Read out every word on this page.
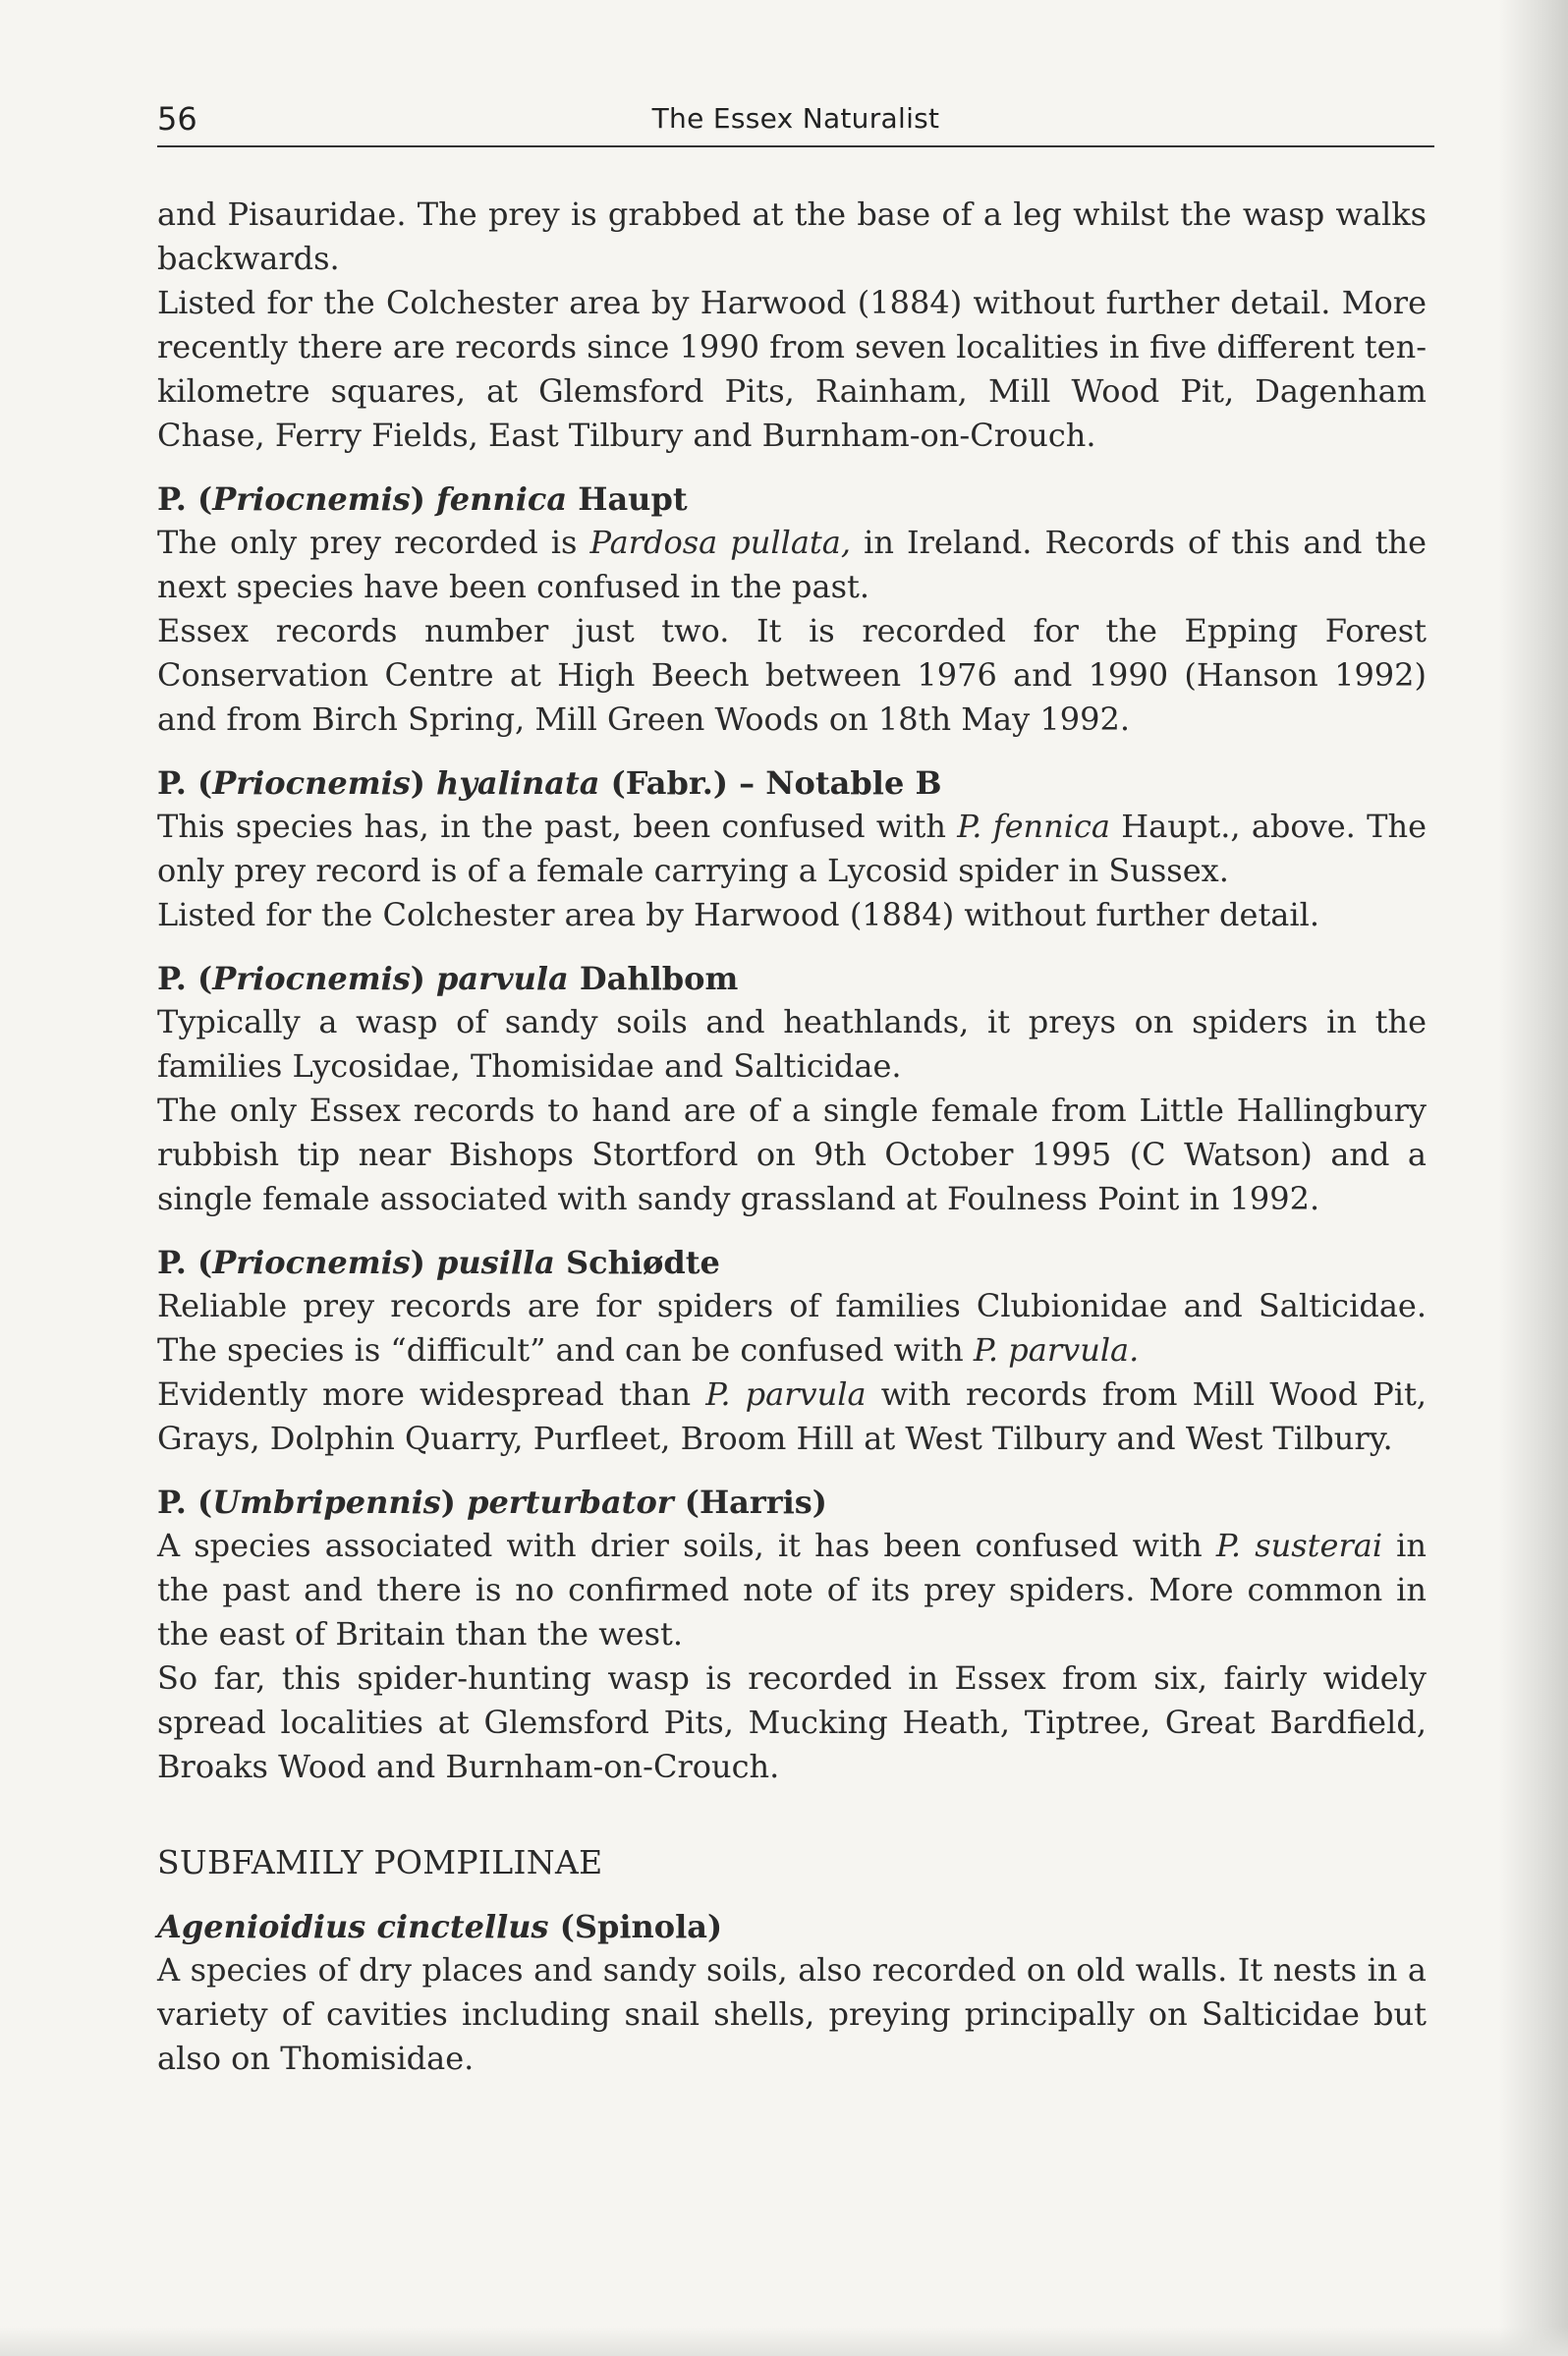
56	The Essex Naturalist

and Pisauridae. The prey is grabbed at the base of a leg whilst the wasp walks backwards.

Listed for the Colchester area by Harwood (1884) without further detail. More recently there are records since 1990 from seven localities in five different ten-kilometre squares, at Glemsford Pits, Rainham, Mill Wood Pit, Dagenham Chase, Ferry Fields, East Tilbury and Burnham-on-Crouch.

P. (Priocnemis) fennica Haupt

The only prey recorded is Pardosa pullata, in Ireland. Records of this and the next species have been confused in the past.

Essex records number just two. It is recorded for the Epping Forest Conservation Centre at High Beech between 1976 and 1990 (Hanson 1992) and from Birch Spring, Mill Green Woods on 18th May 1992.

P. (Priocnemis) hyalinata (Fabr.) – Notable B

This species has, in the past, been confused with P. fennica Haupt., above. The only prey record is of a female carrying a Lycosid spider in Sussex.

Listed for the Colchester area by Harwood (1884) without further detail.

P. (Priocnemis) parvula Dahlbom

Typically a wasp of sandy soils and heathlands, it preys on spiders in the families Lycosidae, Thomisidae and Salticidae.

The only Essex records to hand are of a single female from Little Hallingbury rubbish tip near Bishops Stortford on 9th October 1995 (C Watson) and a single female associated with sandy grassland at Foulness Point in 1992.

P. (Priocnemis) pusilla Schiødte

Reliable prey records are for spiders of families Clubionidae and Salticidae. The species is “difficult” and can be confused with P. parvula.

Evidently more widespread than P. parvula with records from Mill Wood Pit, Grays, Dolphin Quarry, Purfleet, Broom Hill at West Tilbury and West Tilbury.

P. (Umbripennis) perturbator (Harris)

A species associated with drier soils, it has been confused with P. susterai in the past and there is no confirmed note of its prey spiders. More common in the east of Britain than the west.

So far, this spider-hunting wasp is recorded in Essex from six, fairly widely spread localities at Glemsford Pits, Mucking Heath, Tiptree, Great Bardfield, Broaks Wood and Burnham-on-Crouch.

SUBFAMILY POMPILINAE

Agenioidius cinctellus (Spinola)

A species of dry places and sandy soils, also recorded on old walls. It nests in a variety of cavities including snail shells, preying principally on Salticidae but also on Thomisidae.
